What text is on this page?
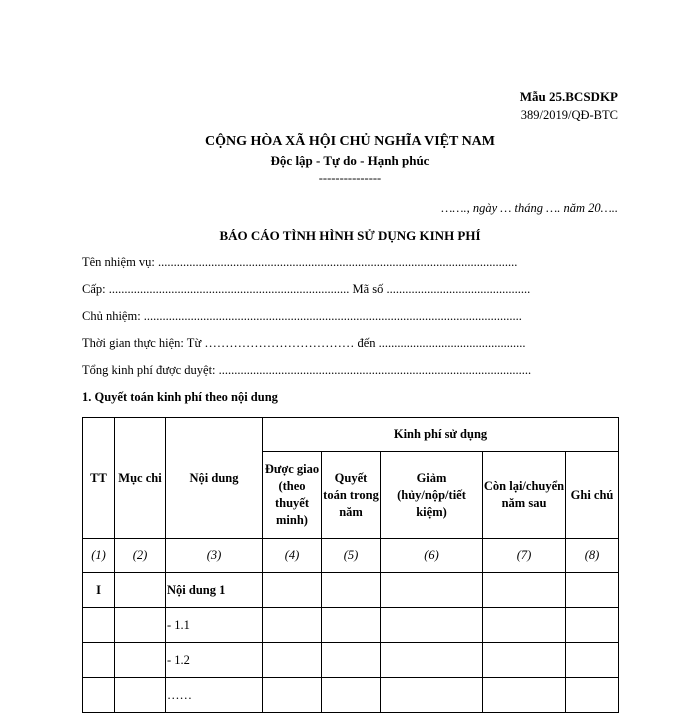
Mẫu 25.BCSDKP
389/2019/QĐ-BTC
CỘNG HÒA XÃ HỘI CHỦ NGHĨA VIỆT NAM
Độc lập - Tự do - Hạnh phúc
---------------
……., ngày … tháng …. năm 20…..
BÁO CÁO TÌNH HÌNH SỬ DỤNG KINH PHÍ
Tên nhiệm vụ: ...................................................................................................................
Cấp: ............................................................................. Mã số ..............................................
Chủ nhiệm: .........................................................................................................................
Thời gian thực hiện: Từ ……………………………… đến ...............................................
Tổng kinh phí được duyệt: ....................................................................................................
1. Quyết toán kinh phí theo nội dung
TT	Mục chi	Nội dung	Kinh phí sử dụng				
			Được giao (theo thuyết minh)	Quyết toán trong năm	Giảm (hủy/nộp/tiết kiệm)	Còn lại/chuyển năm sau	Ghi chú
(1)	(2)	(3)	(4)	(5)	(6)	(7)	(8)
I		Nội dung 1					
		- 1.1					
		- 1.2					
		……					
